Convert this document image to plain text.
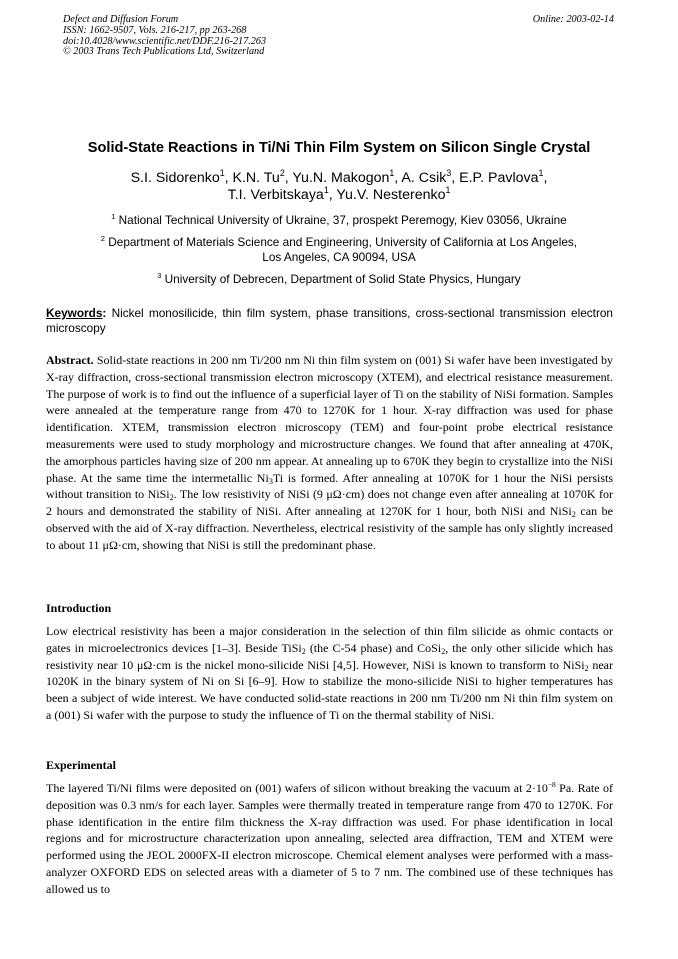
Defect and Diffusion Forum
ISSN: 1662-9507, Vols. 216-217, pp 263-268
doi:10.4028/www.scientific.net/DDF.216-217.263
© 2003 Trans Tech Publications Ltd, Switzerland
Online: 2003-02-14
Solid-State Reactions in Ti/Ni Thin Film System on Silicon Single Crystal
S.I. Sidorenko$^1$, K.N. Tu$^2$, Yu.N. Makogon$^1$, A. Csik$^3$, E.P. Pavlova$^1$,
T.I. Verbitskaya$^1$, Yu.V. Nesterenko$^1$
$^1$ National Technical University of Ukraine, 37, prospekt Peremogy, Kiev 03056, Ukraine
$^2$ Department of Materials Science and Engineering, University of California at Los Angeles,
Los Angeles, CA 90094, USA
$^3$ University of Debrecen, Department of Solid State Physics, Hungary
Keywords: Nickel monosilicide, thin film system, phase transitions, cross-sectional transmission electron microscopy
Abstract. Solid-state reactions in 200 nm Ti/200 nm Ni thin film system on (001) Si wafer have been investigated by X-ray diffraction, cross-sectional transmission electron microscopy (XTEM), and electrical resistance measurement. The purpose of work is to find out the influence of a superficial layer of Ti on the stability of NiSi formation. Samples were annealed at the temperature range from 470 to 1270K for 1 hour. X-ray diffraction was used for phase identification. XTEM, transmission electron microscopy (TEM) and four-point probe electrical resistance measurements were used to study morphology and microstructure changes. We found that after annealing at 470K, the amorphous particles having size of 200 nm appear. At annealing up to 670K they begin to crystallize into the NiSi phase. At the same time the intermetallic $Ni_3Ti$ is formed. After annealing at 1070K for 1 hour the NiSi persists without transition to NiSi$_2$. The low resistivity of NiSi (9 μΩ·cm) does not change even after annealing at 1070K for 2 hours and demonstrated the stability of NiSi. After annealing at 1270K for 1 hour, both NiSi and NiSi$_2$ can be observed with the aid of X-ray diffraction. Nevertheless, electrical resistivity of the sample has only slightly increased to about 11 μΩ·cm, showing that NiSi is still the predominant phase.
Introduction
Low electrical resistivity has been a major consideration in the selection of thin film silicide as ohmic contacts or gates in microelectronics devices [1–3]. Beside TiSi$_2$ (the C-54 phase) and CoSi$_2$, the only other silicide which has resistivity near 10 μΩ·cm is the nickel mono-silicide NiSi [4,5]. However, NiSi is known to transform to NiSi$_2$ near 1020K in the binary system of Ni on Si [6–9]. How to stabilize the mono-silicide NiSi to higher temperatures has been a subject of wide interest. We have conducted solid-state reactions in 200 nm Ti/200 nm Ni thin film system on a (001) Si wafer with the purpose to study the influence of Ti on the thermal stability of NiSi.
Experimental
The layered Ti/Ni films were deposited on (001) wafers of silicon without breaking the vacuum at $2\cdot 10^{-8}$ Pa. Rate of deposition was 0.3 nm/s for each layer. Samples were thermally treated in temperature range from 470 to 1270K. For phase identification in the entire film thickness the X-ray diffraction was used. For phase identification in local regions and for microstructure characterization upon annealing, selected area diffraction, TEM and XTEM were performed using the JEOL 2000FX-II electron microscope. Chemical element analyses were performed with a mass-analyzer OXFORD EDS on selected areas with a diameter of 5 to 7 nm. The combined use of these techniques has allowed us to
